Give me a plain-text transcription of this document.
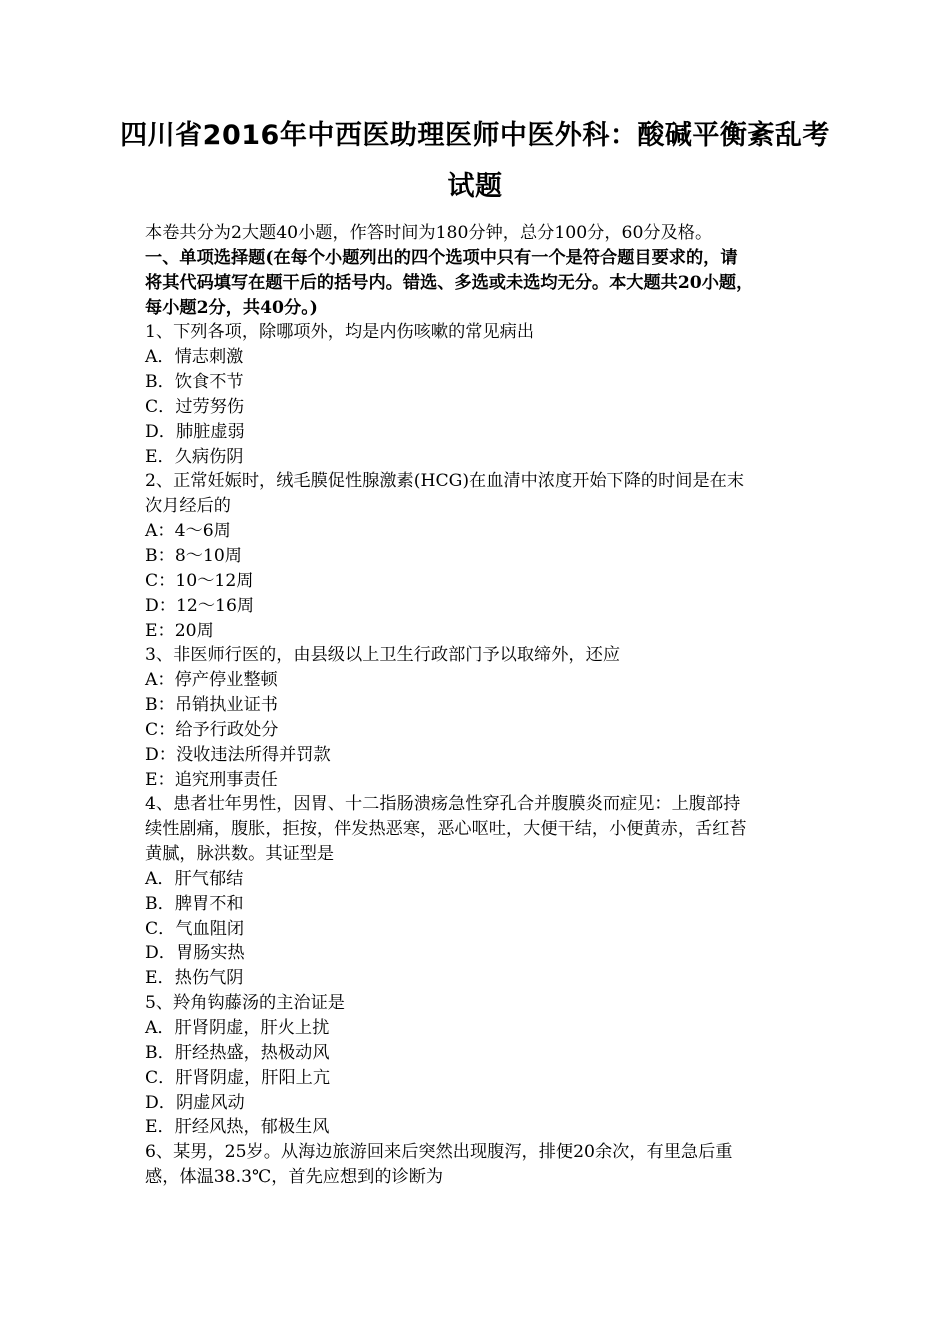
四川省2016年中西医助理医师中医外科：酸碱平衡紊乱考
试题
本卷共分为2大题40小题，作答时间为180分钟，总分100分，60分及格。
一、单项选择题(在每个小题列出的四个选项中只有一个是符合题目要求的，请
将其代码填写在题干后的括号内。错选、多选或未选均无分。本大题共20小题，
每小题2分，共40分。)
1、下列各项，除哪项外，均是内伤咳嗽的常见病出
A．情志刺激
B．饮食不节
C．过劳努伤
D．肺脏虚弱
E．久病伤阴
2、正常妊娠时，绒毛膜促性腺激素(HCG)在血清中浓度开始下降的时间是在末
次月经后的
A：4～6周
B：8～10周
C：10～12周
D：12～16周
E：20周
3、非医师行医的，由县级以上卫生行政部门予以取缔外，还应
A：停产停业整顿
B：吊销执业证书
C：给予行政处分
D：没收违法所得并罚款
E：追究刑事责任
4、患者壮年男性，因胃、十二指肠溃疡急性穿孔合并腹膜炎而症见：上腹部持
续性剧痛，腹胀，拒按，伴发热恶寒，恶心呕吐，大便干结，小便黄赤，舌红苔
黄腻，脉洪数。其证型是
A．肝气郁结
B．脾胃不和
C．气血阻闭
D．胃肠实热
E．热伤气阴
5、羚角钩藤汤的主治证是
A．肝肾阴虚，肝火上扰
B．肝经热盛，热极动风
C．肝肾阴虚，肝阳上亢
D．阴虚风动
E．肝经风热，郁极生风
6、某男，25岁。从海边旅游回来后突然出现腹泻，排便20余次，有里急后重
感，体温38.3℃，首先应想到的诊断为
